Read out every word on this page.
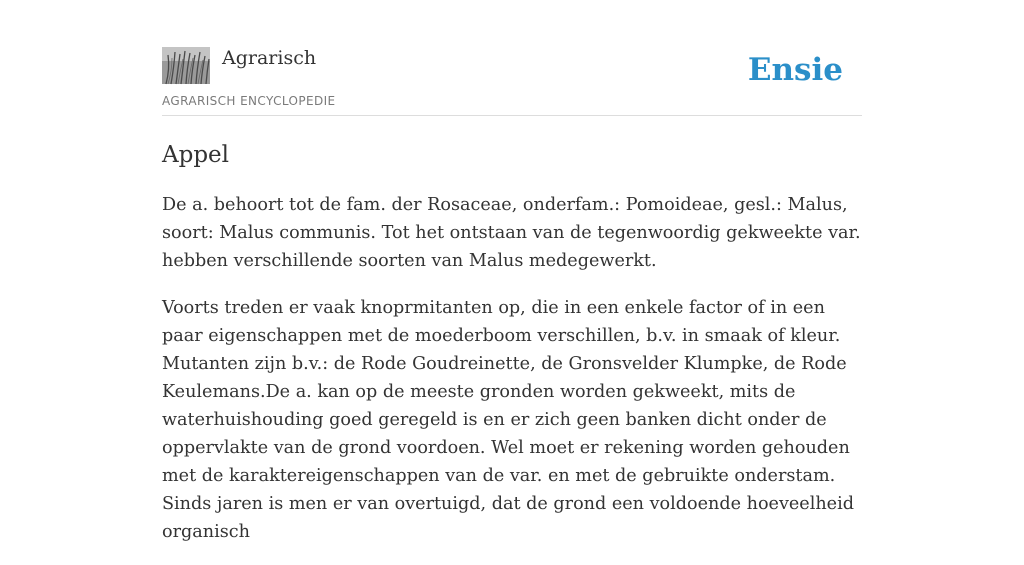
Agrarisch
AGRARISCH ENCYCLOPEDIE
Ensie
Appel

De a. behoort tot de fam. der Rosaceae, onderfam.: Pomoideae, gesl.: Malus, soort: Malus communis. Tot het ontstaan van de tegenwoordig gekweekte var. hebben verschillende soorten van Malus medegewerkt.

Voorts treden er vaak knoprmitanten op, die in een enkele factor of in een paar eigenschappen met de moederboom verschillen, b.v. in smaak of kleur. Mutanten zijn b.v.: de Rode Goudreinette, de Gronsvelder Klumpke, de Rode Keulemans.De a. kan op de meeste gronden worden gekweekt, mits de waterhuishouding goed geregeld is en er zich geen banken dicht onder de oppervlakte van de grond voordoen. Wel moet er rekening worden gehouden met de karaktereigenschappen van de var. en met de gebruikte onderstam. Sinds jaren is men er van overtuigd, dat de grond een voldoende hoeveelheid organisch
